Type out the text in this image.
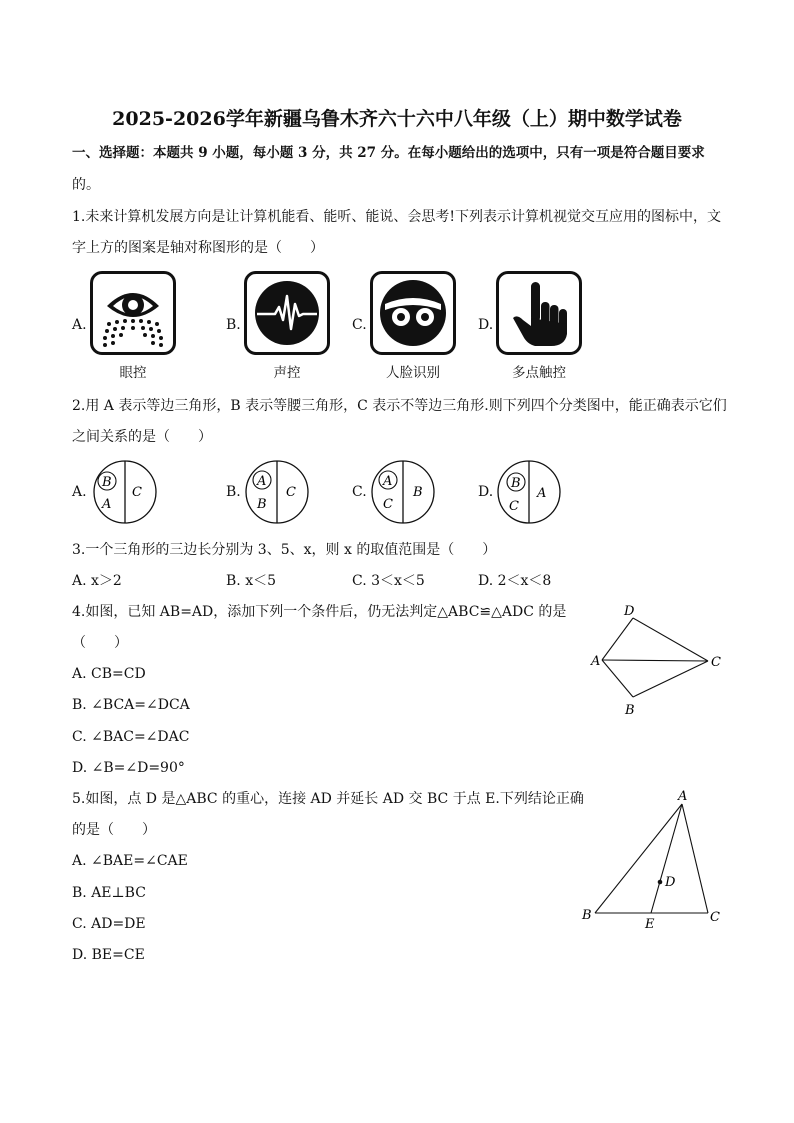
2025-2026学年新疆乌鲁木齐六十六中八年级（上）期中数学试卷
一、选择题：本题共 9 小题，每小题 3 分，共 27 分。在每小题给出的选项中，只有一项是符合题目要求
的。
1.未来计算机发展方向是让计算机能看、能听、能说、会思考!下列表示计算机视觉交互应用的图标中，文
字上方的图案是轴对称图形的是（　　）
A.
眼控
B.
声控
C.
人脸识别
D.
多点触控
2.用 A 表示等边三角形，B 表示等腰三角形，C 表示不等边三角形.则下列四个分类图中，能正确表示它们
之间关系的是（　　）
A.
B
A
C	B.
A
B
C	C.
A
C
B	D.
B
C
A
3.一个三角形的三边长分别为 3、5、x，则 x 的取值范围是（　　）
A. x＞2	B. x＜5	C. 3＜x＜5	D. 2＜x＜8
4.如图，已知 AB=AD，添加下列一个条件后，仍无法判定△ABC≌△ADC 的是
（　　）
A. CB=CD
B. ∠BCA=∠DCA
C. ∠BAC=∠DAC
D. ∠B=∠D=90°
D
A	C
B
5.如图，点 D 是△ABC 的重心，连接 AD 并延长 AD 交 BC 于点 E.下列结论正确
的是（　　）
A. ∠BAE=∠CAE
B. AE⊥BC
C. AD=DE
D. BE=CE
A
B	C
D
E
